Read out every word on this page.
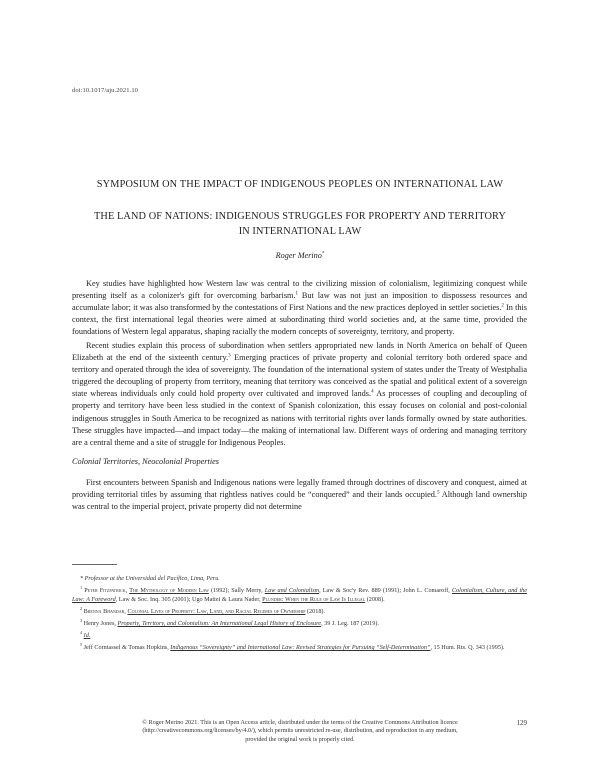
doi:10.1017/aju.2021.10
SYMPOSIUM ON THE IMPACT OF INDIGENOUS PEOPLES ON INTERNATIONAL LAW
THE LAND OF NATIONS: INDIGENOUS STRUGGLES FOR PROPERTY AND TERRITORY
IN INTERNATIONAL LAW
Roger Merino*

Key studies have highlighted how Western law was central to the civilizing mission of colonialism, legitimizing conquest while presenting itself as a colonizer's gift for overcoming barbarism.$^1$ But law was not just an imposition to dispossess resources and accumulate labor; it was also transformed by the contestations of First Nations and the new practices deployed in settler societies.$^2$ In this context, the first international legal theories were aimed at subordinating third world societies and, at the same time, provided the foundations of Western legal apparatus, shaping racially the modern concepts of sovereignty, territory, and property.

Recent studies explain this process of subordination when settlers appropriated new lands in North America on behalf of Queen Elizabeth at the end of the sixteenth century.$^3$ Emerging practices of private property and colonial territory both ordered space and territory and operated through the idea of sovereignty. The foundation of the international system of states under the Treaty of Westphalia triggered the decoupling of property from territory, meaning that territory was conceived as the spatial and political extent of a sovereign state whereas individuals only could hold property over cultivated and improved lands.$^4$ As processes of coupling and decoupling of property and territory have been less studied in the context of Spanish colonization, this essay focuses on colonial and post-colonial indigenous struggles in South America to be recognized as nations with territorial rights over lands formally owned by state authorities. These struggles have impacted—and impact today—the making of international law. Different ways of ordering and managing territory are a central theme and a site of struggle for Indigenous Peoples.

Colonial Territories, Neocolonial Properties

First encounters between Spanish and Indigenous nations were legally framed through doctrines of discovery and conquest, aimed at providing territorial titles by assuming that rightless natives could be “conquered” and their lands occupied.$^5$ Although land ownership was central to the imperial project, private property did not determine

* Professor at the Universidad del Pacífico, Lima, Peru.
$^1$ Peter Fitzpatrick, The Mythology of Modern Law (1992); Sally Merry, Law and Colonialism, Law & Soc'y Rev. 889 (1991); John L. Comaroff, Colonialism, Culture, and the Law: A Foreword, Law & Soc. Inq. 305 (2001); Ugo Mattei & Laura Nader, Plunder: When the Rule of Law Is Illegal (2008).
$^2$ Brenna Bhandar, Colonial Lives of Property: Law, Land, and Racial Regimes of Ownership (2018).
$^3$ Henry Jones, Property, Territory, and Colonialism: An International Legal History of Enclosure, 39 J. Leg. 187 (2019).
$^4$ Id.
$^5$ Jeff Corntassel & Tomas Hopkins, Indigenous “Sovereignty” and International Law: Revised Strategies for Pursuing “Self-Determination”, 15 Hum. Rts. Q. 343 (1995).
© Roger Merino 2021. This is an Open Access article, distributed under the terms of the Creative Commons Attribution licence
(http://creativecommons.org/licenses/by/4.0/), which permits unrestricted re-use, distribution, and reproduction in any medium,
provided the original work is properly cited.
129
